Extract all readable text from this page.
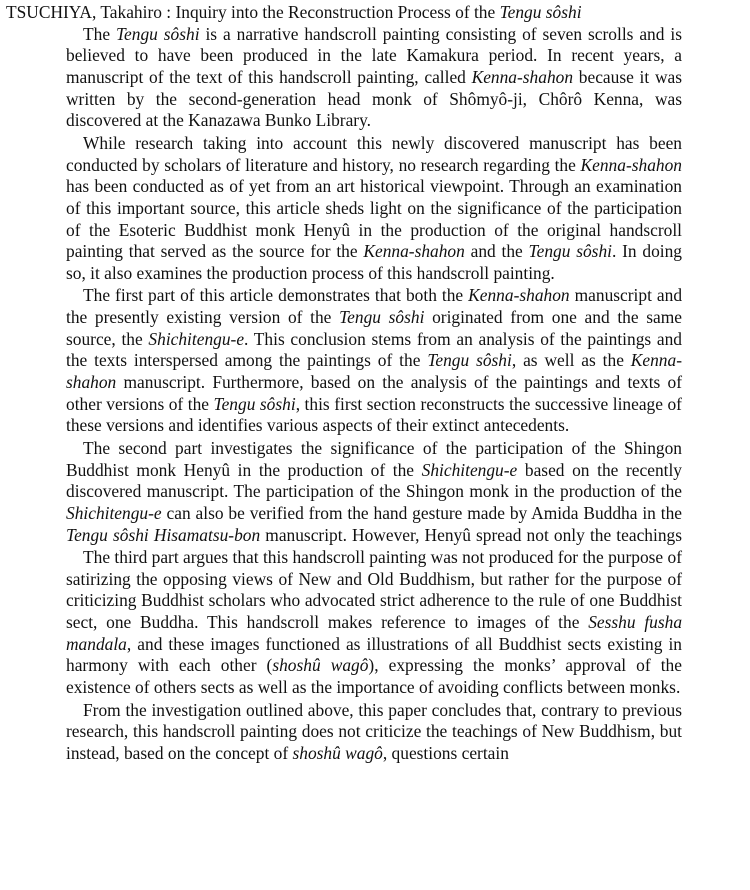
TSUCHIYA, Takahiro : Inquiry into the Reconstruction Process of the Tengu sôshi

The Tengu sôshi is a narrative handscroll painting consisting of seven scrolls and is believed to have been produced in the late Kamakura period. In recent years, a manuscript of the text of this handscroll painting, called Kenna-shahon because it was written by the second-generation head monk of Shômyô-ji, Chôrô Kenna, was discovered at the Kanazawa Bunko Library.

While research taking into account this newly discovered manuscript has been conducted by scholars of literature and history, no research regarding the Kenna-shahon has been conducted as of yet from an art historical viewpoint. Through an examination of this important source, this article sheds light on the significance of the participation of the Esoteric Buddhist monk Henyû in the production of the original handscroll painting that served as the source for the Kenna-shahon and the Tengu sôshi. In doing so, it also examines the production process of this handscroll painting.

The first part of this article demonstrates that both the Kenna-shahon manuscript and the presently existing version of the Tengu sôshi originated from one and the same source, the Shichitengu-e. This conclusion stems from an analysis of the paintings and the texts interspersed among the paintings of the Tengu sôshi, as well as the Kenna-shahon manuscript. Furthermore, based on the analysis of the paintings and texts of other versions of the Tengu sôshi, this first section reconstructs the successive lineage of these versions and identifies various aspects of their extinct antecedents.

The second part investigates the significance of the participation of the Shingon Buddhist monk Henyû in the production of the Shichitengu-e based on the recently discovered manuscript. The participation of the Shingon monk in the production of the Shichitengu-e can also be verified from the hand gesture made by Amida Buddha in the Tengu sôshi Hisamatsu-bon manuscript. However, Henyû spread not only the teachings

The third part argues that this handscroll painting was not produced for the purpose of satirizing the opposing views of New and Old Buddhism, but rather for the purpose of criticizing Buddhist scholars who advocated strict adherence to the rule of one Buddhist sect, one Buddha. This handscroll makes reference to images of the Sesshu fusha mandala, and these images functioned as illustrations of all Buddhist sects existing in harmony with each other (shoshû wagô), expressing the monks’ approval of the existence of others sects as well as the importance of avoiding conflicts between monks.

From the investigation outlined above, this paper concludes that, contrary to previous research, this handscroll painting does not criticize the teachings of New Buddhism, but instead, based on the concept of shoshû wagô, questions certain
